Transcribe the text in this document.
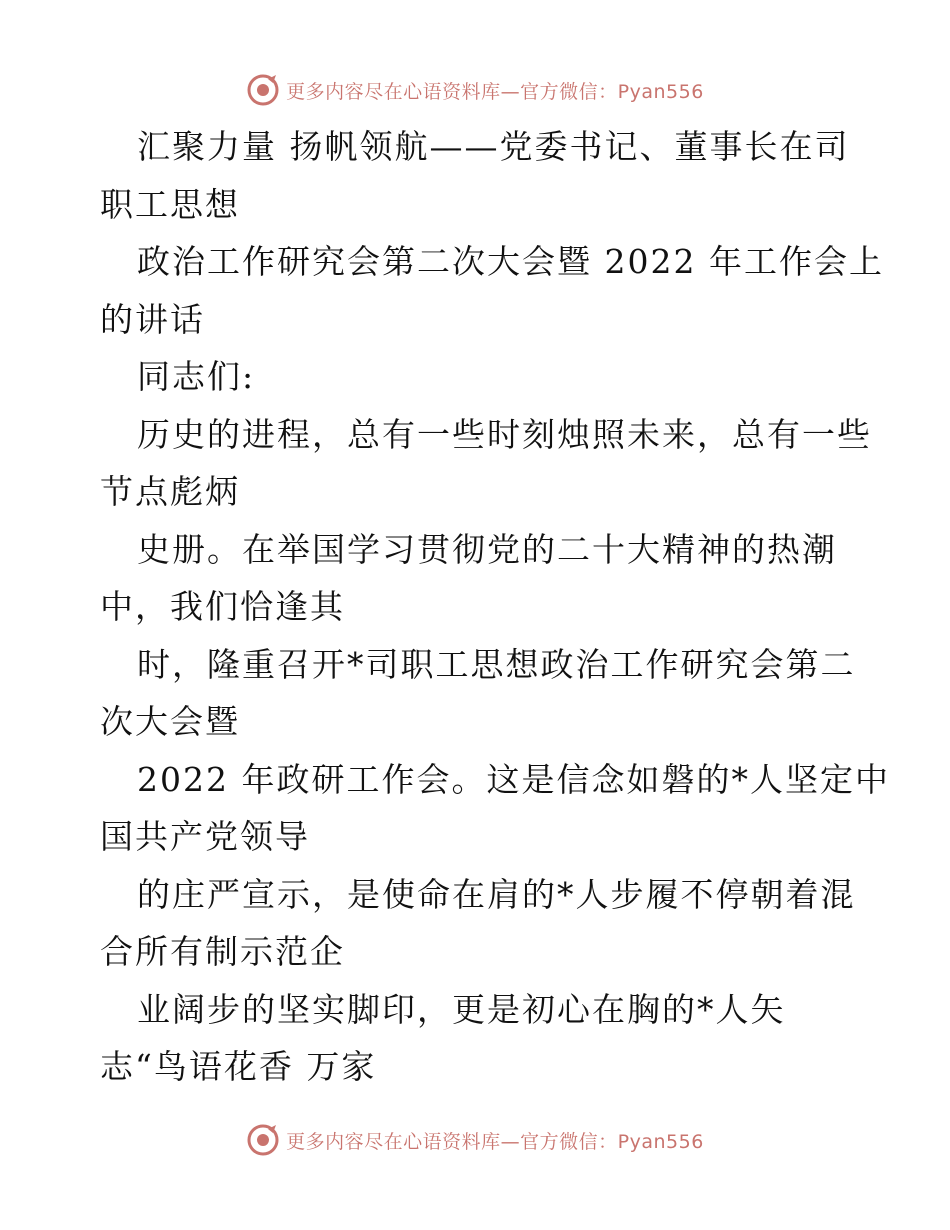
更多内容尽在心语资料库—官方微信：Pyan556
汇聚力量 扬帆领航——党委书记、董事长在司
职工思想
政治工作研究会第二次大会暨 2022 年工作会上
的讲话
同志们:
历史的进程，总有一些时刻烛照未来，总有一些
节点彪炳
史册。在举国学习贯彻党的二十大精神的热潮
中，我们恰逢其
时，隆重召开*司职工思想政治工作研究会第二
次大会暨
2022 年政研工作会。这是信念如磐的*人坚定中
国共产党领导
的庄严宣示，是使命在肩的*人步履不停朝着混
合所有制示范企
业阔步的坚实脚印，更是初心在胸的*人矢
志“鸟语花香 万家
更多内容尽在心语资料库—官方微信：Pyan556
